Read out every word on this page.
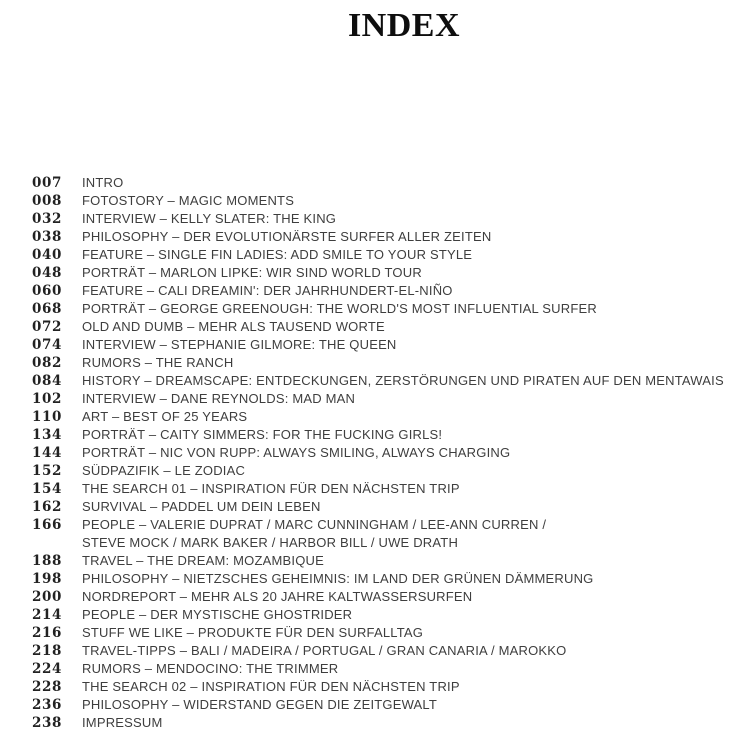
INDEX
007	INTRO
008	FOTOSTORY – MAGIC MOMENTS
032	INTERVIEW – KELLY SLATER: THE KING
038	PHILOSOPHY – DER EVOLUTIONÄRSTE SURFER ALLER ZEITEN
040	FEATURE – SINGLE FIN LADIES: ADD SMILE TO YOUR STYLE
048	PORTRÄT – MARLON LIPKE: WIR SIND WORLD TOUR
060	FEATURE – CALI DREAMIN': DER JAHRHUNDERT-EL-NIÑO
068	PORTRÄT – GEORGE GREENOUGH: THE WORLD'S MOST INFLUENTIAL SURFER
072	OLD AND DUMB – MEHR ALS TAUSEND WORTE
074	INTERVIEW – STEPHANIE GILMORE: THE QUEEN
082	RUMORS – THE RANCH
084	HISTORY – DREAMSCAPE: ENTDECKUNGEN, ZERSTÖRUNGEN UND PIRATEN AUF DEN MENTAWAIS
102	INTERVIEW – DANE REYNOLDS: MAD MAN
110	ART – BEST OF 25 YEARS
134	PORTRÄT – CAITY SIMMERS: FOR THE FUCKING GIRLS!
144	PORTRÄT – NIC VON RUPP: ALWAYS SMILING, ALWAYS CHARGING
152	SÜDPAZIFIK – LE ZODIAC
154	THE SEARCH 01 – INSPIRATION FÜR DEN NÄCHSTEN TRIP
162	SURVIVAL – PADDEL UM DEIN LEBEN
166	PEOPLE – VALERIE DUPRAT / MARC CUNNINGHAM / LEE-ANN CURREN /
STEVE MOCK / MARK BAKER / HARBOR BILL / UWE DRATH
188	TRAVEL – THE DREAM: MOZAMBIQUE
198	PHILOSOPHY – NIETZSCHES GEHEIMNIS: IM LAND DER GRÜNEN DÄMMERUNG
200	NORDREPORT – MEHR ALS 20 JAHRE KALTWASSERSURFEN
214	PEOPLE – DER MYSTISCHE GHOSTRIDER
216	STUFF WE LIKE – PRODUKTE FÜR DEN SURFALLTAG
218	TRAVEL-TIPPS – BALI / MADEIRA / PORTUGAL / GRAN CANARIA / MAROKKO
224	RUMORS – MENDOCINO: THE TRIMMER
228	THE SEARCH 02 – INSPIRATION FÜR DEN NÄCHSTEN TRIP
236	PHILOSOPHY – WIDERSTAND GEGEN DIE ZEITGEWALT
238	IMPRESSUM
